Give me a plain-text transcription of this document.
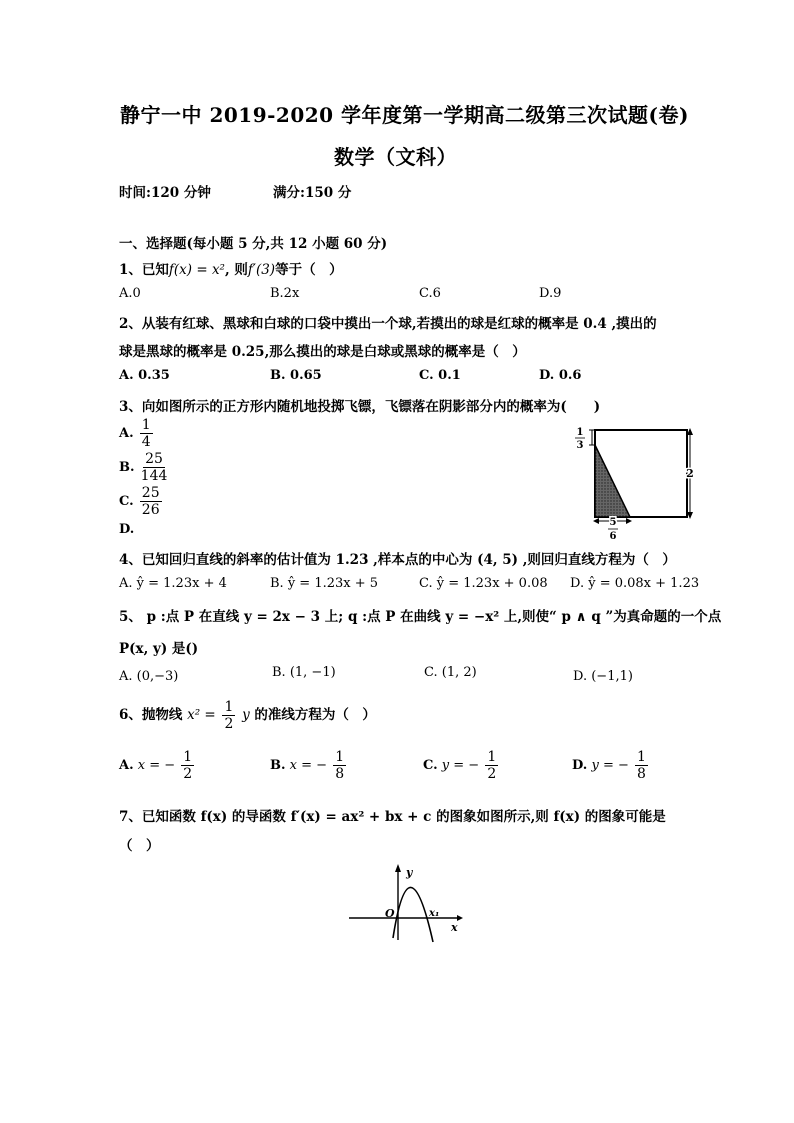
静宁一中 2019-2020 学年度第一学期高二级第三次试题(卷)
数学（文科）
时间:120 分钟	满分:150 分
一、选择题(每小题 5 分,共 12 小题 60 分)
1、已知f(x) = x², 则f′(3)等于（　）
A.0	B.2x	C.6	D.9
2、从装有红球、黑球和白球的口袋中摸出一个球,若摸出的球是红球的概率是 0.4 ,摸出的
球是黑球的概率是 0.25,那么摸出的球是白球或黑球的概率是（　）
A. 0.35	B. 0.65	C. 0.1	D. 0.6
3、向如图所示的正方形内随机地投掷飞镖，飞镖落在阴影部分内的概率为(　　)
A. $\frac{1}{4}$
B. $\frac{25}{144}$
C. $\frac{25}{26}$
D.
1
3
2
5
6
4、已知回归直线的斜率的估计值为 1.23 ,样本点的中心为 (4, 5) ,则回归直线方程为（　）
A. ŷ = 1.23x + 4	B. ŷ = 1.23x + 5	C. ŷ = 1.23x + 0.08 D. ŷ = 0.08x + 1.23
5、 p :点 P 在直线 y = 2x − 3 上; q :点 P 在曲线 y = −x² 上,则使“ p ∧ q ”为真命题的一个点
P(x, y) 是()
A. (0,−3)	B. (1, −1)	C. (1, 2)	D. (−1,1)
6、抛物线 $x^2 = \frac{1}{2}$ y 的准线方程为（　）
A. x = − $\frac{1}{2}$	B. x = − $\frac{1}{8}$	C. y = − $\frac{1}{2}$	D. y = − $\frac{1}{8}$
7、已知函数 f(x) 的导函数 f′(x) = ax² + bx + c 的图象如图所示,则 f(x) 的图象可能是
（　）
y
x
O	x₁
